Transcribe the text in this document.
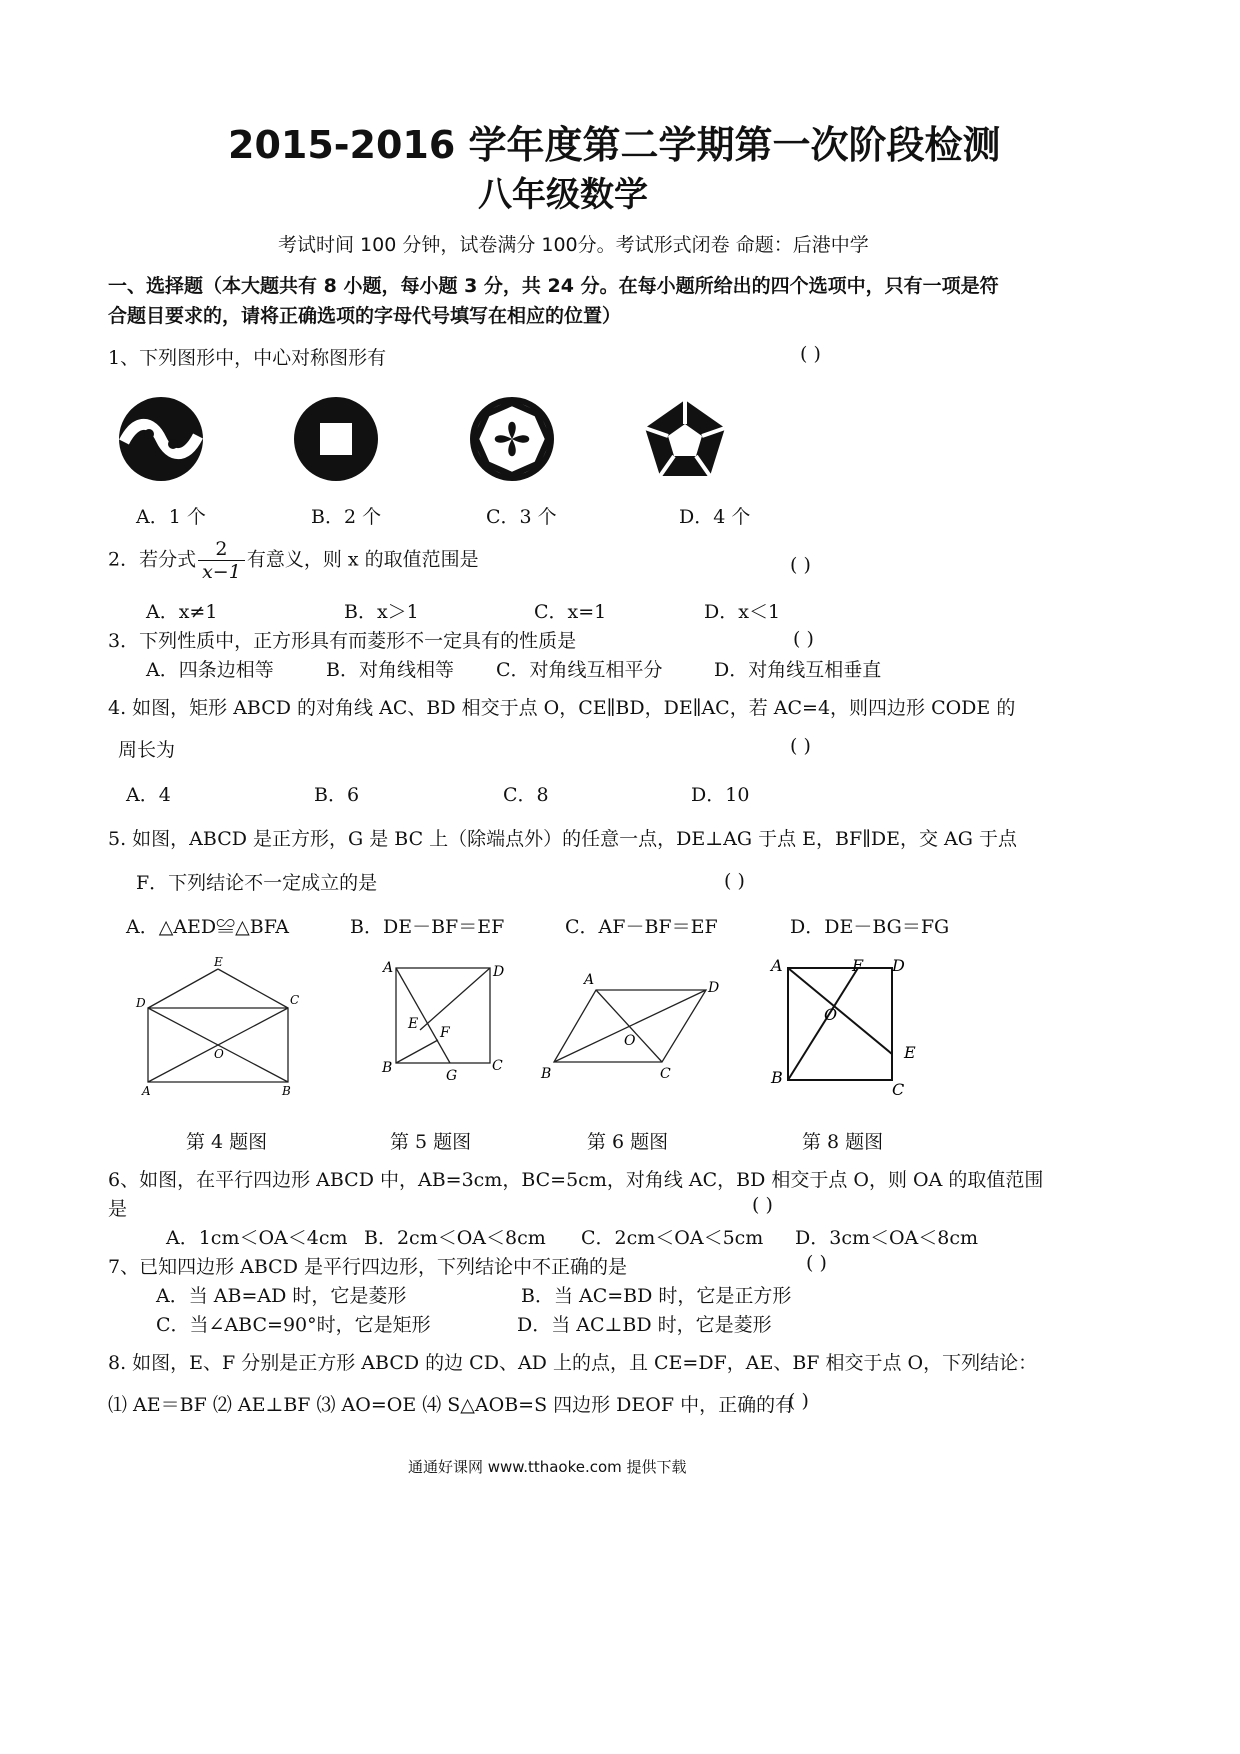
2015-2016 学年度第二学期第一次阶段检测
八年级数学
考试时间 100 分钟，试卷满分 100分。考试形式闭卷 命题：后港中学
一、选择题（本大题共有 8 小题，每小题 3 分，共 24 分。在每小题所给出的四个选项中，只有一项是符
合题目要求的，请将正确选项的字母代号填写在相应的位置）
1、下列图形中，中心对称图形有	( )
A．1 个	B．2 个	C．3 个	D．4 个
2．若分式 $\frac{2}{x-1}$ 有意义，则 x 的取值范围是	( )
A．x≠1	B．x＞1	C．x=1	D．x＜1
3．下列性质中，正方形具有而菱形不一定具有的性质是	( )
A．四条边相等	B．对角线相等 C．对角线互相平分	D．对角线互相垂直
4. 如图，矩形 ABCD 的对角线 AC、BD 相交于点 O，CE∥BD，DE∥AC，若 AC=4，则四边形 CODE 的
周长为	( )
A．4	B．6	C．8	D．10
5. 如图，ABCD 是正方形，G 是 BC 上（除端点外）的任意一点，DE⊥AG 于点 E，BF∥DE，交 AG 于点
F．下列结论不一定成立的是	( )
A．△AED≌△BFA	B．DE－BF＝EF	C．AF－BF＝EF	D．DE－BG＝FG
E
D	C
O
A	B
第 4 题图
A	D
E
F
B	G
C
第 5 题图
A	D
O
B	C
第 6 题图
A	F D
O
E
B
C
第 8 题图
6、如图，在平行四边形 ABCD 中，AB=3cm，BC=5cm，对角线 AC，BD 相交于点 O，则 OA 的取值范围
是	( )
A．1cm＜OA＜4cm B．2cm＜OA＜8cm C．2cm＜OA＜5cm D．3cm＜OA＜8cm
7、已知四边形 ABCD 是平行四边形，下列结论中不正确的是	( )
A．当 AB=AD 时，它是菱形	B．当 AC=BD 时，它是正方形
C．当∠ABC=90°时，它是矩形	D．当 AC⊥BD 时，它是菱形
8. 如图，E、F 分别是正方形 ABCD 的边 CD、AD 上的点，且 CE=DF，AE、BF 相交于点 O，下列结论：
⑴ AE＝BF ⑵ AE⊥BF ⑶ AO=OE ⑷ S△AOB=S 四边形 DEOF 中，正确的有
( )
通通好课网 www.tthaoke.com 提供下载
